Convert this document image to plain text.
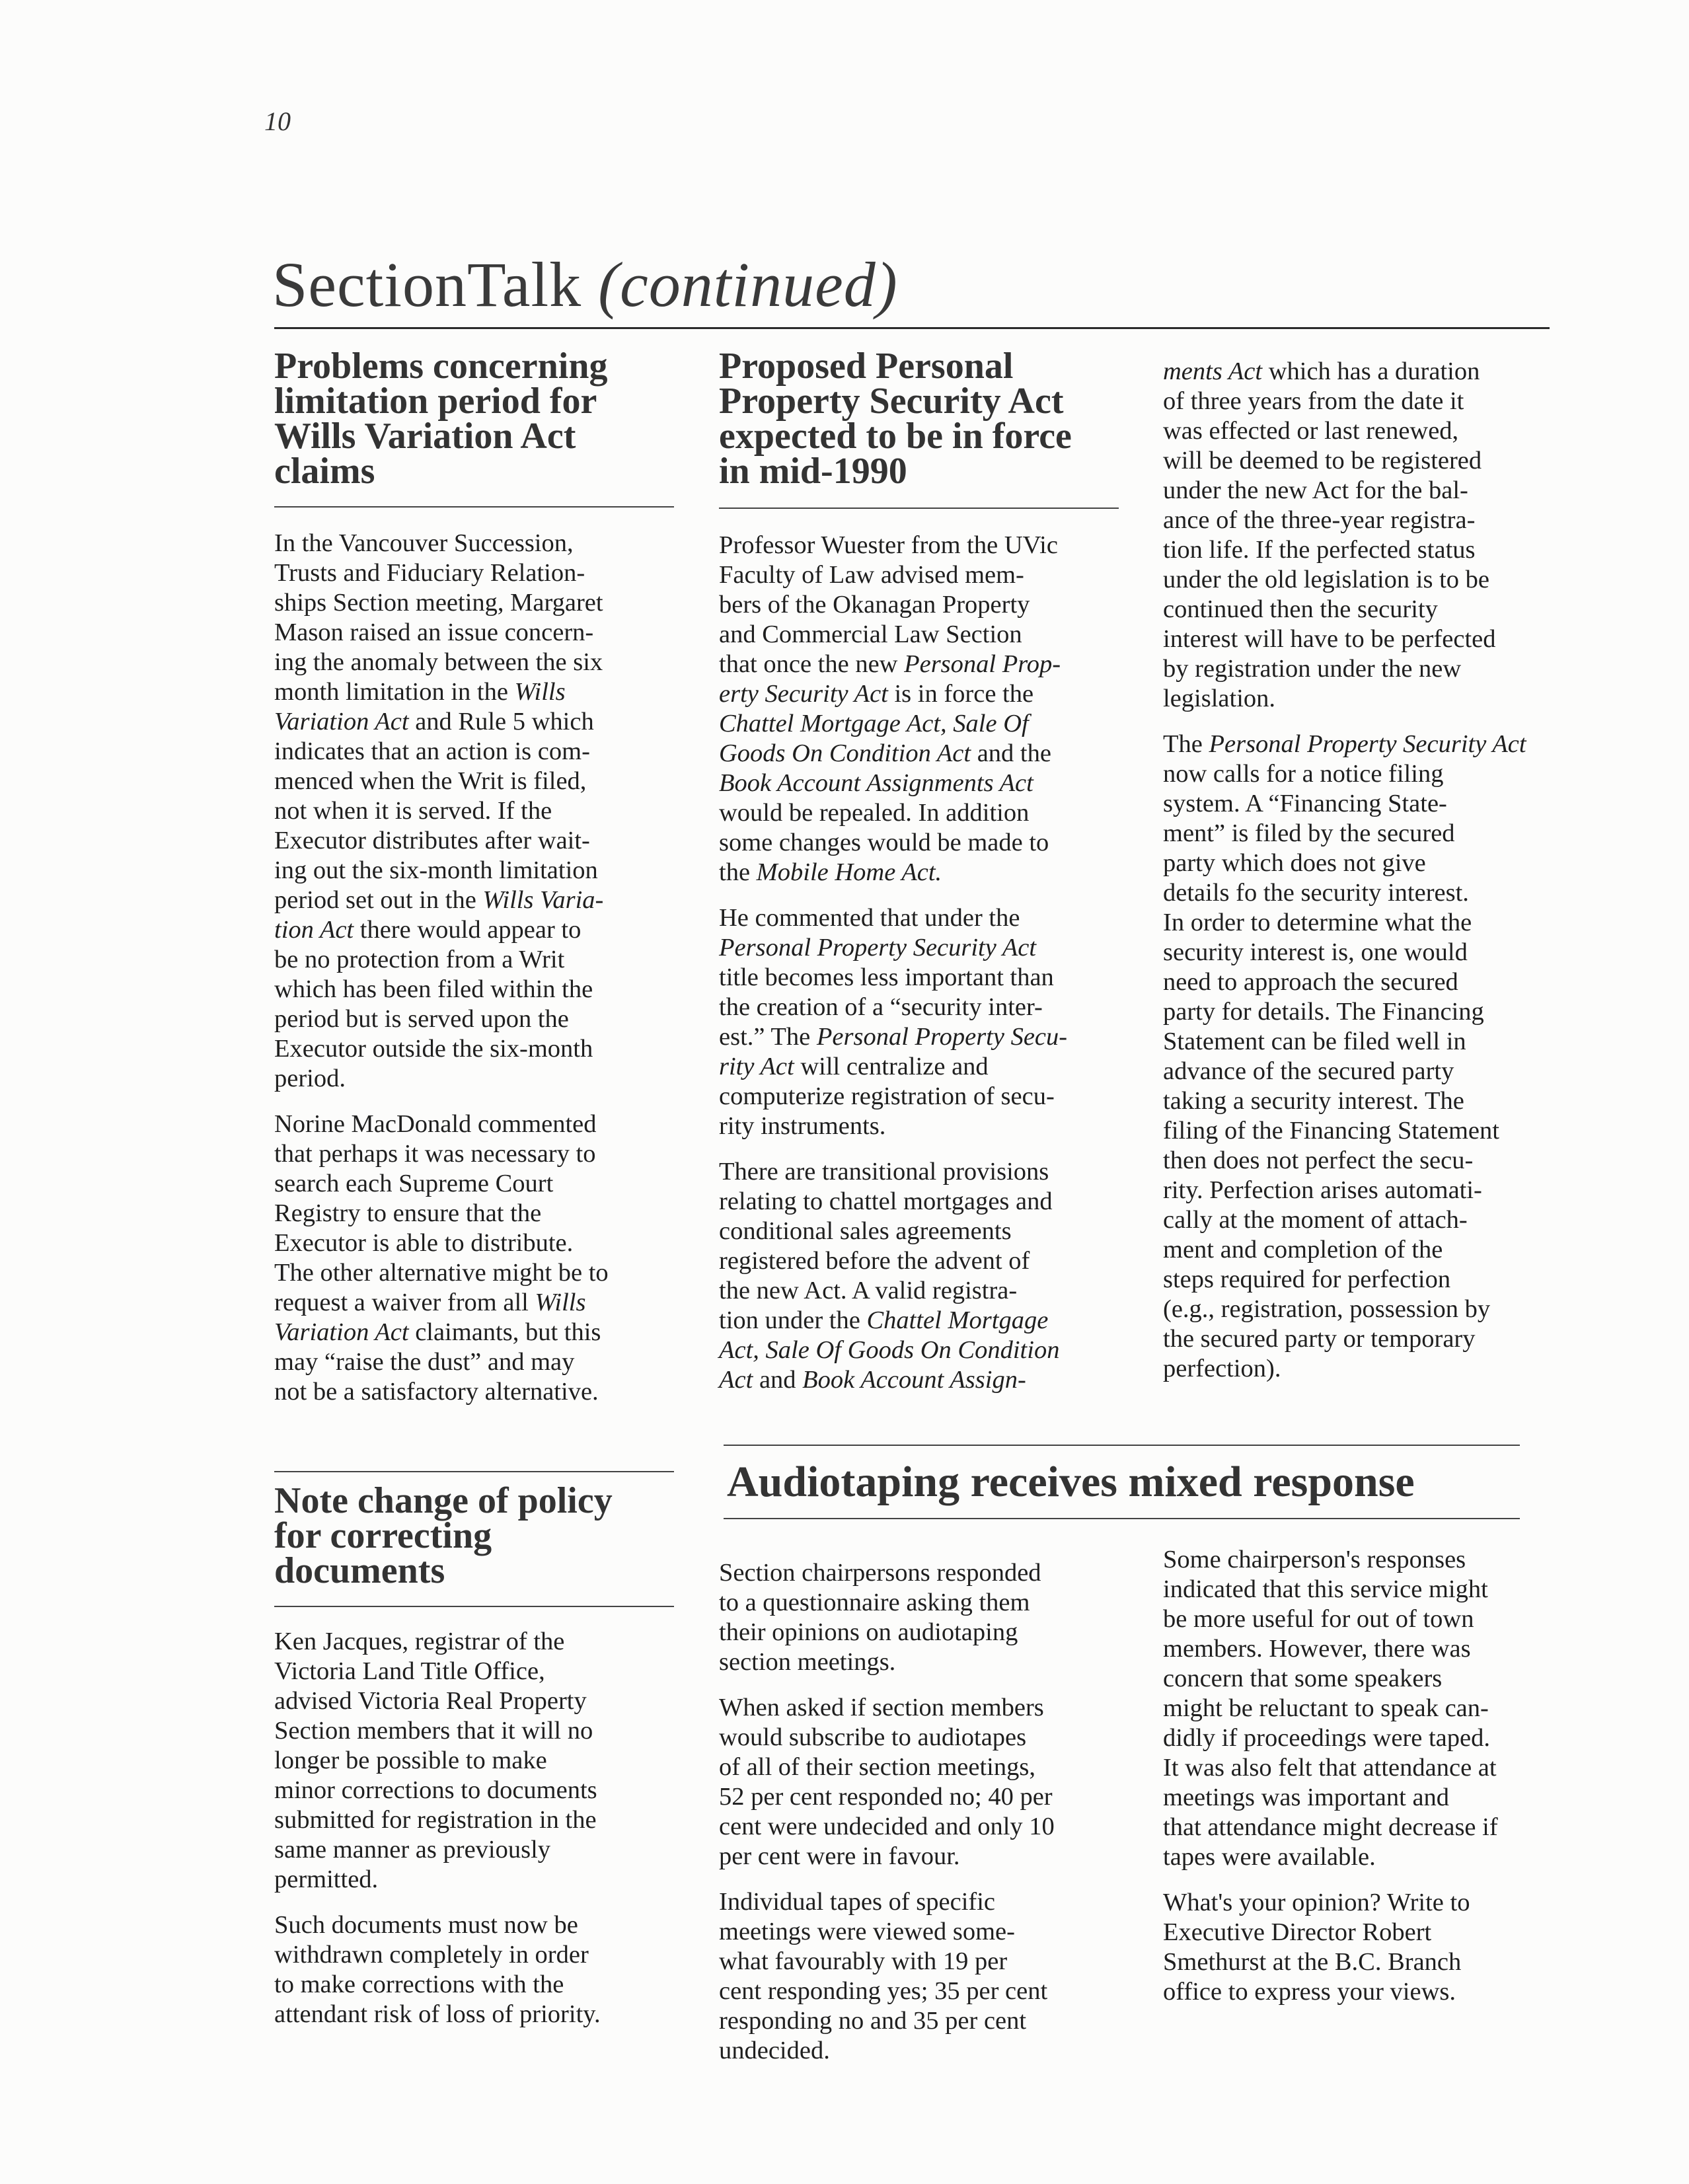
10
SectionTalk (continued)
Problems concerning
limitation period for
Wills Variation Act
claims
In the Vancouver Succession,
Trusts and Fiduciary Relation-
ships Section meeting, Margaret
Mason raised an issue concern-
ing the anomaly between the six
month limitation in the Wills
Variation Act and Rule 5 which
indicates that an action is com-
menced when the Writ is filed,
not when it is served. If the
Executor distributes after wait-
ing out the six-month limitation
period set out in the Wills Varia-
tion Act there would appear to
be no protection from a Writ
which has been filed within the
period but is served upon the
Executor outside the six-month
period.
Norine MacDonald commented
that perhaps it was necessary to
search each Supreme Court
Registry to ensure that the
Executor is able to distribute.
The other alternative might be to
request a waiver from all Wills
Variation Act claimants, but this
may “raise the dust” and may
not be a satisfactory alternative.
Proposed Personal
Property Security Act
expected to be in force
in mid-1990
Professor Wuester from the UVic
Faculty of Law advised mem-
bers of the Okanagan Property
and Commercial Law Section
that once the new Personal Prop-
erty Security Act is in force the
Chattel Mortgage Act, Sale Of
Goods On Condition Act and the
Book Account Assignments Act
would be repealed. In addition
some changes would be made to
the Mobile Home Act.
He commented that under the
Personal Property Security Act
title becomes less important than
the creation of a “security inter-
est.” The Personal Property Secu-
rity Act will centralize and
computerize registration of secu-
rity instruments.
There are transitional provisions
relating to chattel mortgages and
conditional sales agreements
registered before the advent of
the new Act. A valid registra-
tion under the Chattel Mortgage
Act, Sale Of Goods On Condition
Act and Book Account Assign-
ments Act which has a duration
of three years from the date it
was effected or last renewed,
will be deemed to be registered
under the new Act for the bal-
ance of the three-year registra-
tion life. If the perfected status
under the old legislation is to be
continued then the security
interest will have to be perfected
by registration under the new
legislation.
The Personal Property Security Act
now calls for a notice filing
system. A “Financing State-
ment” is filed by the secured
party which does not give
details fo the security interest.
In order to determine what the
security interest is, one would
need to approach the secured
party for details. The Financing
Statement can be filed well in
advance of the secured party
taking a security interest. The
filing of the Financing Statement
then does not perfect the secu-
rity. Perfection arises automati-
cally at the moment of attach-
ment and completion of the
steps required for perfection
(e.g., registration, possession by
the secured party or temporary
perfection).
Note change of policy
for correcting
documents
Ken Jacques, registrar of the
Victoria Land Title Office,
advised Victoria Real Property
Section members that it will no
longer be possible to make
minor corrections to documents
submitted for registration in the
same manner as previously
permitted.
Such documents must now be
withdrawn completely in order
to make corrections with the
attendant risk of loss of priority.
Audiotaping receives mixed response
Section chairpersons responded
to a questionnaire asking them
their opinions on audiotaping
section meetings.
When asked if section members
would subscribe to audiotapes
of all of their section meetings,
52 per cent responded no; 40 per
cent were undecided and only 10
per cent were in favour.
Individual tapes of specific
meetings were viewed some-
what favourably with 19 per
cent responding yes; 35 per cent
responding no and 35 per cent
undecided.
Some chairperson's responses
indicated that this service might
be more useful for out of town
members. However, there was
concern that some speakers
might be reluctant to speak can-
didly if proceedings were taped.
It was also felt that attendance at
meetings was important and
that attendance might decrease if
tapes were available.
What's your opinion? Write to
Executive Director Robert
Smethurst at the B.C. Branch
office to express your views.
